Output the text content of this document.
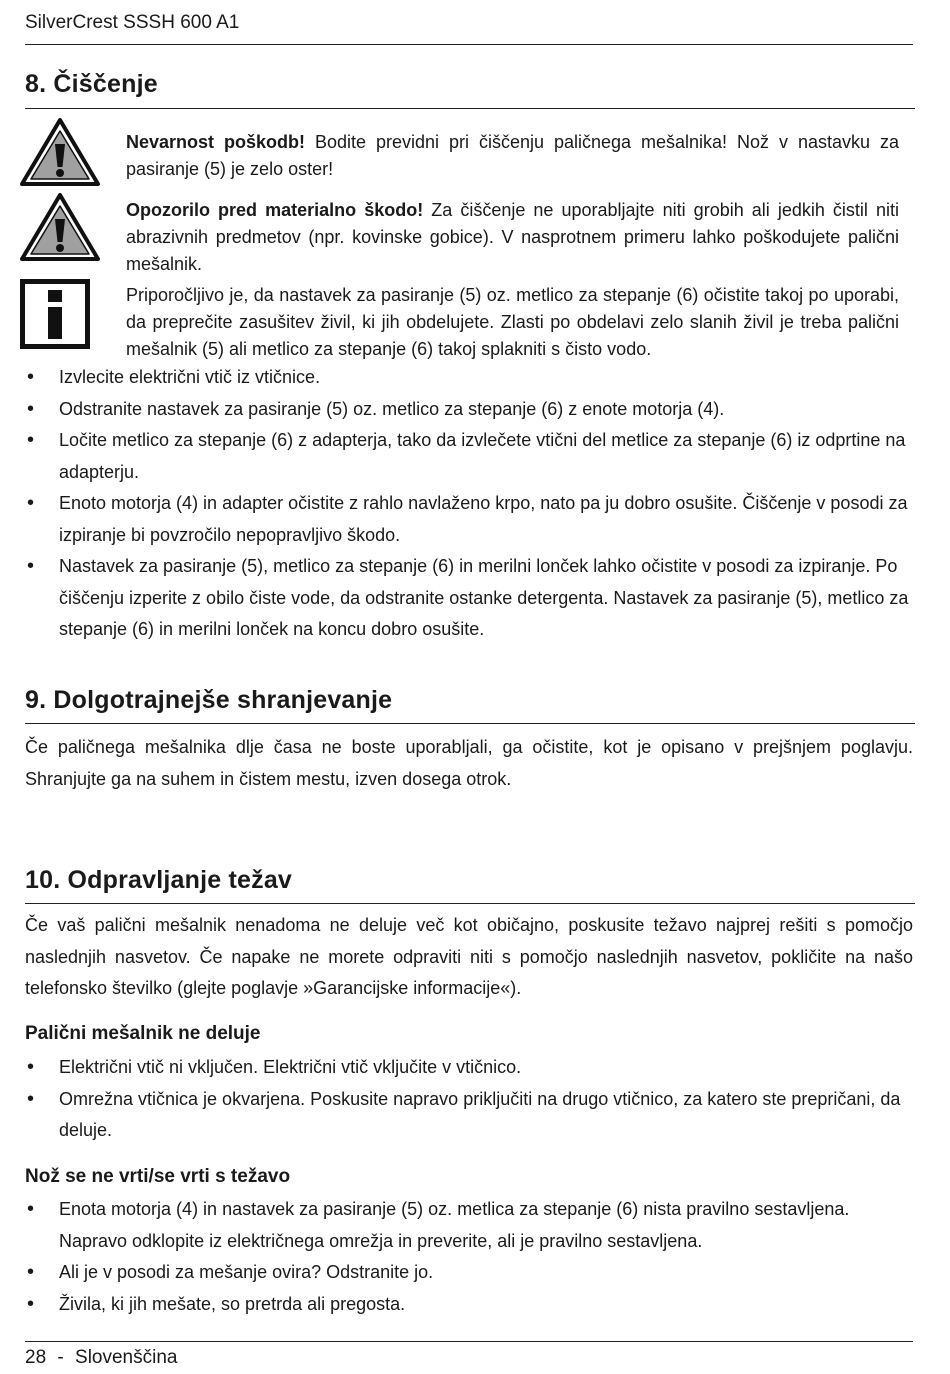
SilverCrest SSSH 600 A1
8. Čiščenje
Nevarnost poškodb! Bodite previdni pri čiščenju paličnega mešalnika! Nož v nastavku za pasiranje (5) je zelo oster!
Opozorilo pred materialno škodo! Za čiščenje ne uporabljajte niti grobih ali jedkih čistil niti abrazivnih predmetov (npr. kovinske gobice). V nasprotnem primeru lahko poškodujete palični mešalnik.
Priporočljivo je, da nastavek za pasiranje (5) oz. metlico za stepanje (6) očistite takoj po uporabi, da preprečite zasušitev živil, ki jih obdelujete. Zlasti po obdelavi zelo slanih živil je treba palični mešalnik (5) ali metlico za stepanje (6) takoj splakniti s čisto vodo.
• Izvlecite električni vtič iz vtičnice.
• Odstranite nastavek za pasiranje (5) oz. metlico za stepanje (6) z enote motorja (4).
• Ločite metlico za stepanje (6) z adapterja, tako da izvlečete vtični del metlice za stepanje (6) iz odprtine na adapterju.
• Enoto motorja (4) in adapter očistite z rahlo navlaženo krpo, nato pa ju dobro osušite. Čiščenje v posodi za izpiranje bi povzročilo nepopravljivo škodo.
• Nastavek za pasiranje (5), metlico za stepanje (6) in merilni lonček lahko očistite v posodi za izpiranje. Po čiščenju izperite z obilo čiste vode, da odstranite ostanke detergenta. Nastavek za pasiranje (5), metlico za stepanje (6) in merilni lonček na koncu dobro osušite.
9. Dolgotrajnejše shranjevanje

Če paličnega mešalnika dlje časa ne boste uporabljali, ga očistite, kot je opisano v prejšnjem poglavju. Shranjujte ga na suhem in čistem mestu, izven dosega otrok.

10. Odpravljanje težav

Če vaš palični mešalnik nenadoma ne deluje več kot običajno, poskusite težavo najprej rešiti s pomočjo naslednjih nasvetov. Če napake ne morete odpraviti niti s pomočjo naslednjih nasvetov, pokličite na našo telefonsko številko (glejte poglavje »Garancijske informacije«).

Palični mešalnik ne deluje
• Električni vtič ni vključen. Električni vtič vključite v vtičnico.
• Omrežna vtičnica je okvarjena. Poskusite napravo priključiti na drugo vtičnico, za katero ste prepričani, da deluje.
Nož se ne vrti/se vrti s težavo
• Enota motorja (4) in nastavek za pasiranje (5) oz. metlica za stepanje (6) nista pravilno sestavljena. Napravo odklopite iz električnega omrežja in preverite, ali je pravilno sestavljena.
• Ali je v posodi za mešanje ovira? Odstranite jo.
• Živila, ki jih mešate, so pretrda ali pregosta.
28 - Slovenščina
